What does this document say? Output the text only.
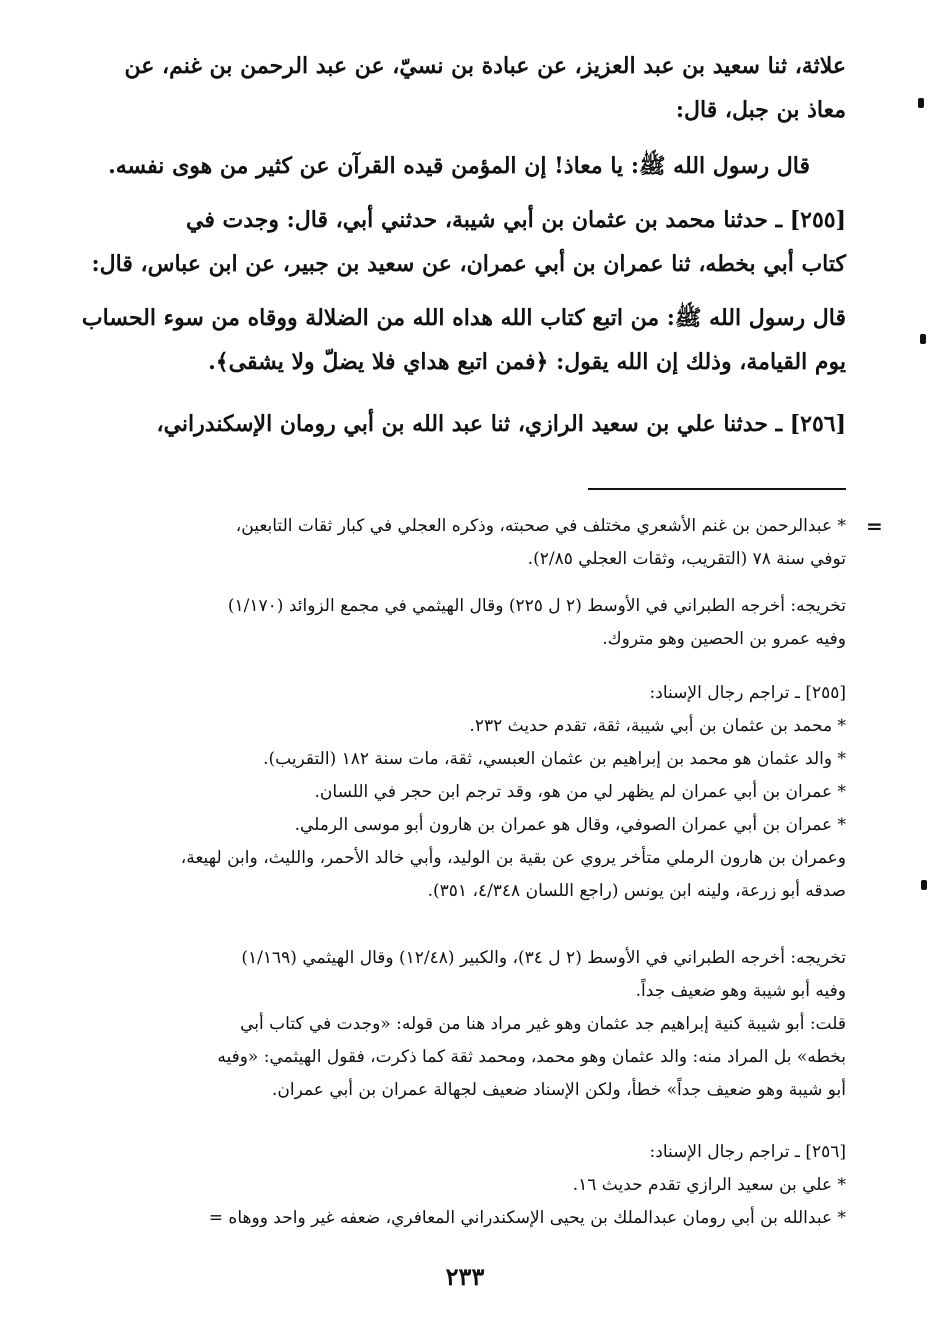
علاثة، ثنا سعيد بن عبد العزيز، عن عبادة بن نسيّ، عن عبد الرحمن بن غنم، عن

معاذ بن جبل، قال:

قال رسول الله ﷺ: يا معاذ! إن المؤمن قيده القرآن عن كثير من هوى نفسه.

[٢٥٥] ـ حدثنا محمد بن عثمان بن أبي شيبة، حدثني أبي، قال: وجدت في

كتاب أبي بخطه، ثنا عمران بن أبي عمران، عن سعيد بن جبير، عن ابن عباس، قال:

قال رسول الله ﷺ: من اتبع كتاب الله هداه الله من الضلالة ووقاه من سوء الحساب

يوم القيامة، وذلك إن الله يقول: ﴿فمن اتبع هداي فلا يضلّ ولا يشقى﴾.

[٢٥٦] ـ حدثنا علي بن سعيد الرازي، ثنا عبد الله بن أبي رومان الإسكندراني،

* عبدالرحمن بن غنم الأشعري مختلف في صحبته، وذكره العجلي في كبار ثقات التابعين،

توفي سنة ٧٨ (التقريب، وثقات العجلي ٢/٨٥).

تخريجه: أخرجه الطبراني في الأوسط (٢ ل ٢٢٥) وقال الهيثمي في مجمع الزوائد (١/١٧٠)

وفيه عمرو بن الحصين وهو متروك.

[٢٥٥] ـ تراجم رجال الإسناد:

* محمد بن عثمان بن أبي شيبة، ثقة، تقدم حديث ٢٣٢.

* والد عثمان هو محمد بن إبراهيم بن عثمان العبسي، ثقة، مات سنة ١٨٢ (التقريب).

* عمران بن أبي عمران لم يظهر لي من هو، وقد ترجم ابن حجر في اللسان.

* عمران بن أبي عمران الصوفي، وقال هو عمران بن هارون أبو موسى الرملي.

وعمران بن هارون الرملي متأخر يروي عن بقية بن الوليد، وأبي خالد الأحمر، والليث، وابن لهيعة،

صدقه أبو زرعة، ولينه ابن يونس (راجع اللسان ٤/٣٤٨، ٣٥١).

تخريجه: أخرجه الطبراني في الأوسط (٢ ل ٣٤)، والكبير (١٢/٤٨) وقال الهيثمي (١/١٦٩)

وفيه أبو شيبة وهو ضعيف جداً.

قلت: أبو شيبة كنية إبراهيم جد عثمان وهو غير مراد هنا من قوله: «وجدت في كتاب أبي

بخطه» بل المراد منه: والد عثمان وهو محمد، ومحمد ثقة كما ذكرت، فقول الهيثمي: «وفيه

أبو شيبة وهو ضعيف جداً» خطأ، ولكن الإسناد ضعيف لجهالة عمران بن أبي عمران.

[٢٥٦] ـ تراجم رجال الإسناد:

* علي بن سعيد الرازي تقدم حديث ١٦.

* عبدالله بن أبي رومان عبدالملك بن يحيى الإسكندراني المعافري، ضعفه غير واحد ووهاه =

=
٢٣٣
